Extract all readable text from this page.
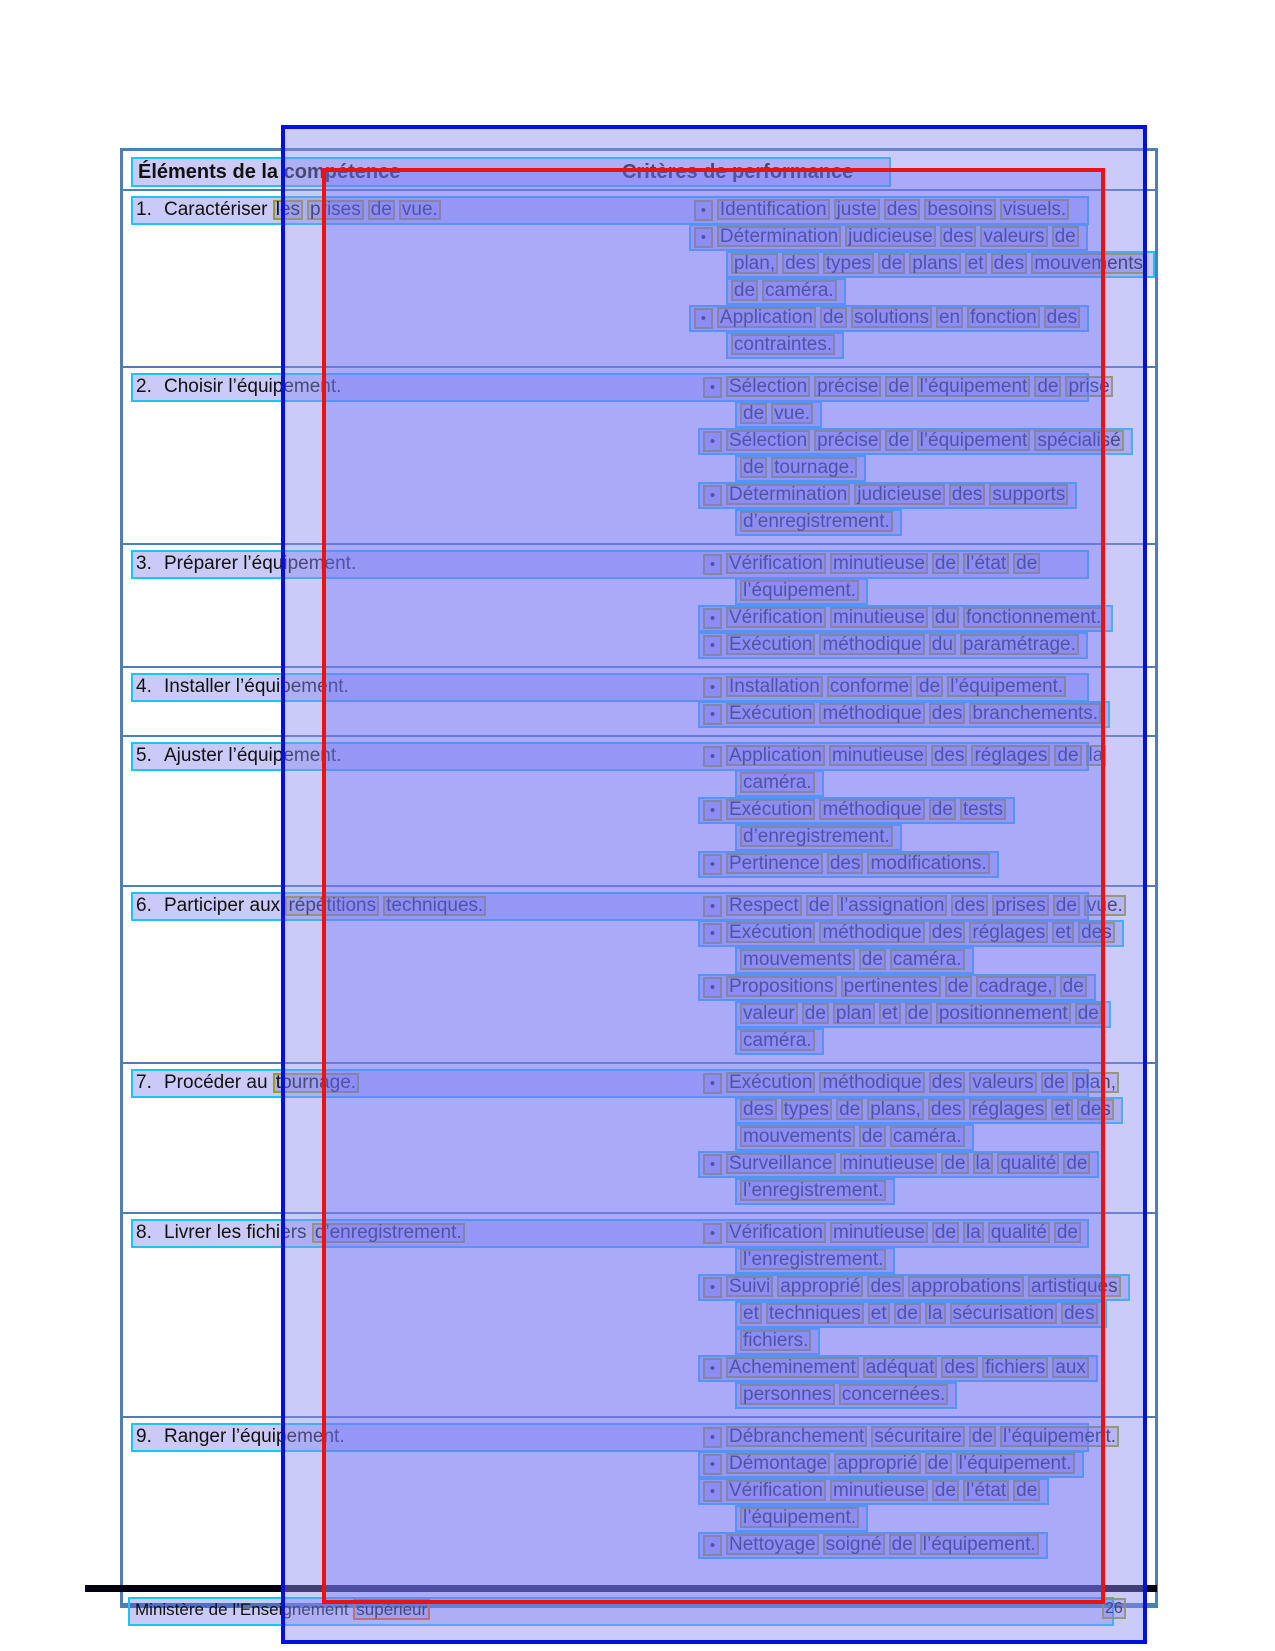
Éléments de la compétence	Critères de performance
1. Caractériser les prises de vue.	• Identification juste des besoins visuels.
• Détermination judicieuse des valeurs de
plan, des types de plans et des mouvements
de caméra.
• Application de solutions en fonction des
contraintes.
2. Choisir l’équipement.	• Sélection précise de l’équipement de prise
de vue.
• Sélection précise de l’équipement spécialisé
de tournage.
• Détermination judicieuse des supports
d’enregistrement.
3. Préparer l’équipement.	• Vérification minutieuse de l’état de
l’équipement.
• Vérification minutieuse du fonctionnement.
• Exécution méthodique du paramétrage.
4. Installer l’équipement.	• Installation conforme de l’équipement.
• Exécution méthodique des branchements.
5. Ajuster l’équipement.	• Application minutieuse des réglages de la
caméra.
• Exécution méthodique de tests
d’enregistrement.
• Pertinence des modifications.
6. Participer aux répétitions techniques.	• Respect de l’assignation des prises de vue.
• Exécution méthodique des réglages et des
mouvements de caméra.
• Propositions pertinentes de cadrage, de
valeur de plan et de positionnement de
caméra.
7. Procéder au tournage.	• Exécution méthodique des valeurs de plan,
des types de plans, des réglages et des
mouvements de caméra.
• Surveillance minutieuse de la qualité de
l’enregistrement.
8. Livrer les fichiers d’enregistrement.	• Vérification minutieuse de la qualité de
l’enregistrement.
• Suivi approprié des approbations artistiques
et techniques et de la sécurisation des
fichiers.
• Acheminement adéquat des fichiers aux
personnes concernées.
9. Ranger l’équipement.	• Débranchement sécuritaire de l’équipement.
• Démontage approprié de l’équipement.
• Vérification minutieuse de l’état de
l’équipement.
• Nettoyage soigné de l’équipement.
Ministère de l’Enseignement supérieur	26
